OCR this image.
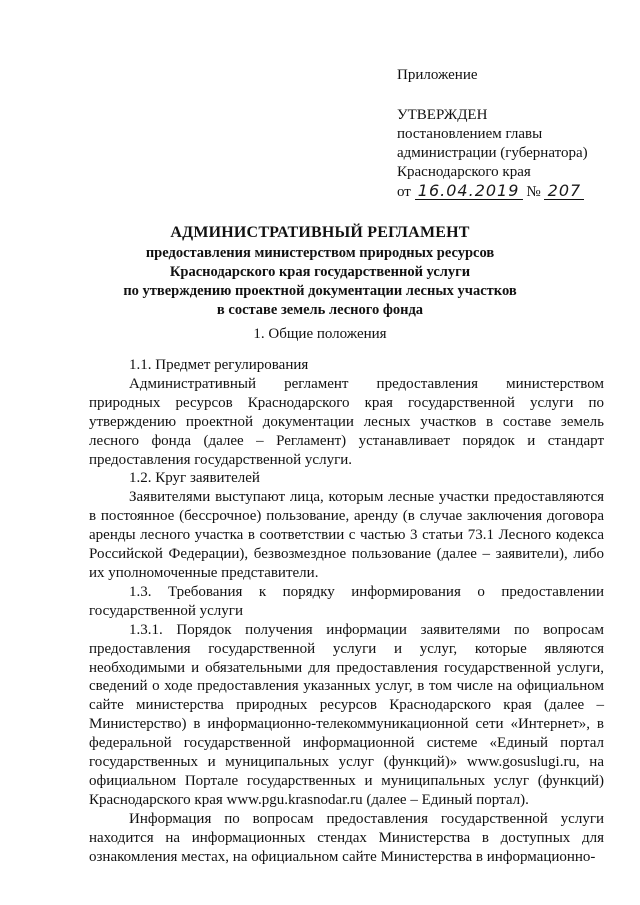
Приложение
УТВЕРЖДЕН
постановлением главы
администрации (губернатора)
Краснодарского края
от 16.04.2019 № 207
АДМИНИСТРАТИВНЫЙ РЕГЛАМЕНТ
предоставления министерством природных ресурсов
Краснодарского края государственной услуги
по утверждению проектной документации лесных участков
в составе земель лесного фонда
1. Общие положения

1.1. Предмет регулирования

Административный регламент предоставления министерством природных ресурсов Краснодарского края государственной услуги по утверждению проектной документации лесных участков в составе земель лесного фонда (далее – Регламент) устанавливает порядок и стандарт предоставления государственной услуги.

1.2. Круг заявителей

Заявителями выступают лица, которым лесные участки предоставляются в постоянное (бессрочное) пользование, аренду (в случае заключения договора аренды лесного участка в соответствии с частью 3 статьи 73.1 Лесного кодекса Российской Федерации), безвозмездное пользование (далее – заявители), либо их уполномоченные представители.

1.3. Требования к порядку информирования о предоставлении государственной услуги

1.3.1. Порядок получения информации заявителями по вопросам предоставления государственной услуги и услуг, которые являются необходимыми и обязательными для предоставления государственной услуги, сведений о ходе предоставления указанных услуг, в том числе на официальном сайте министерства природных ресурсов Краснодарского края (далее – Министерство) в информационно-телекоммуникационной сети «Интернет», в федеральной государственной информационной системе «Единый портал государственных и муниципальных услуг (функций)» www.gosuslugi.ru, на официальном Портале государственных и муниципальных услуг (функций) Краснодарского края www.pgu.krasnodar.ru (далее – Единый портал).

Информация по вопросам предоставления государственной услуги находится на информационных стендах Министерства в доступных для ознакомления местах, на официальном сайте Министерства в информационно-
